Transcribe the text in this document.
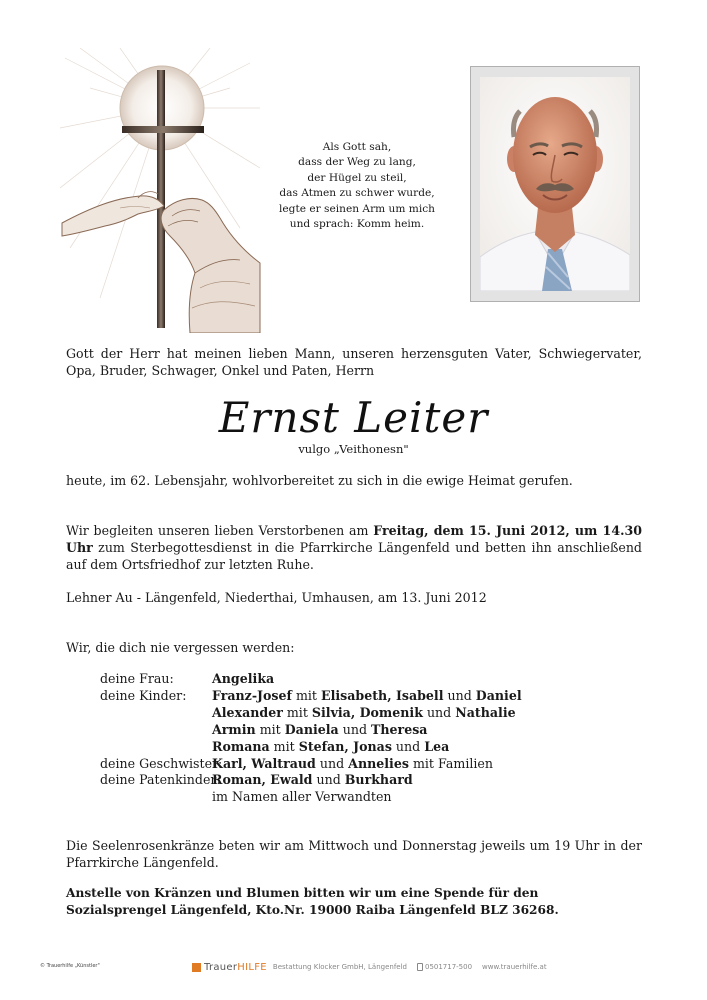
Als Gott sah,
dass der Weg zu lang,
der Hügel zu steil,
das Atmen zu schwer wurde,
legte er seinen Arm um mich
und sprach: Komm heim.

Gott der Herr hat meinen lieben Mann, unseren herzensguten Vater, Schwiegervater, Opa, Bruder, Schwager, Onkel und Paten, Herrn

Ernst Leiter
vulgo „Veithonesn"

heute, im 62. Lebensjahr, wohlvorbereitet zu sich in die ewige Heimat gerufen.

Wir begleiten unseren lieben Verstorbenen am Freitag, dem 15. Juni 2012, um 14.30 Uhr zum Sterbegottesdienst in die Pfarrkirche Längenfeld und betten ihn anschließend auf dem Ortsfriedhof zur letzten Ruhe.

Lehner Au - Längenfeld, Niederthai, Umhausen, am 13. Juni 2012

Wir, die dich nie vergessen werden:

deine Frau:	Angelika
deine Kinder:	Franz-Josef mit Elisabeth, Isabell und Daniel
Alexander mit Silvia, Domenik und Nathalie
Armin mit Daniela und Theresa
Romana mit Stefan, Jonas und Lea
deine Geschwister:
Karl, Waltraud und Annelies mit Familien
deine Patenkinder:
Roman, Ewald und Burkhard
im Namen aller Verwandten

Die Seelenrosenkränze beten wir am Mittwoch und Donnerstag jeweils um 19 Uhr in der Pfarrkirche Längenfeld.

Anstelle von Kränzen und Blumen bitten wir um eine Spende für den Sozialsprengel Längenfeld, Kto.Nr. 19000 Raiba Längenfeld BLZ 36268.

© Trauerhilfe „Künstler"	Trauer HILFE Bestattung Klocker GmbH, Längenfeld	0501717-500 www.trauerhilfe.at
